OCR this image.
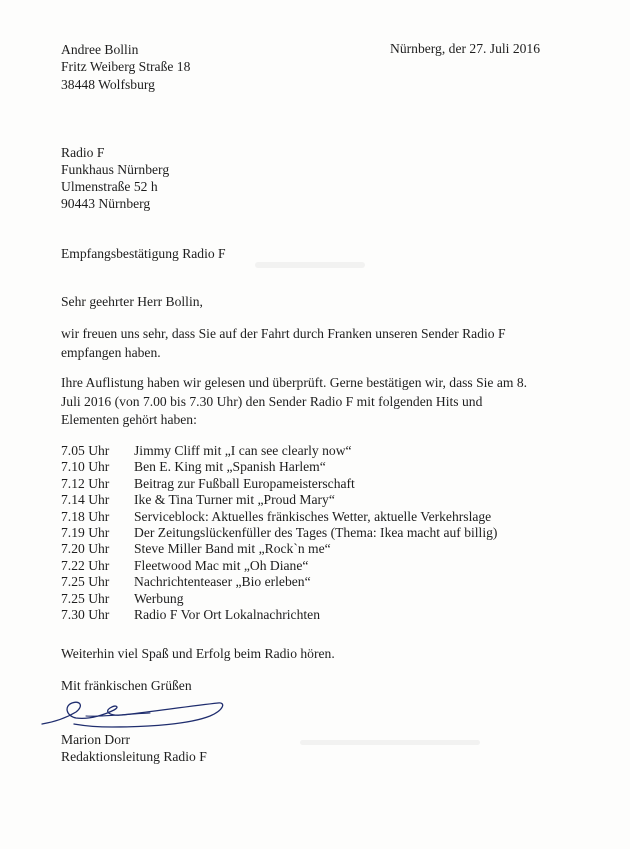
Andree Bollin
Fritz Weiberg Straße 18
38448 Wolfsburg
Nürnberg, der 27. Juli 2016
Radio F
Funkhaus Nürnberg
Ulmenstraße 52 h
90443 Nürnberg
Empfangsbestätigung Radio F
Sehr geehrter Herr Bollin,
wir freuen uns sehr, dass Sie auf der Fahrt durch Franken unseren Sender Radio F empfangen haben.
Ihre Auflistung haben wir gelesen und überprüft. Gerne bestätigen wir, dass Sie am 8. Juli 2016 (von 7.00 bis 7.30 Uhr) den Sender Radio F mit folgenden Hits und Elementen gehört haben:
7.05 Uhr Jimmy Cliff mit „I can see clearly now“
7.10 Uhr Ben E. King mit „Spanish Harlem“
7.12 Uhr Beitrag zur Fußball Europameisterschaft
7.14 Uhr Ike & Tina Turner mit „Proud Mary“
7.18 Uhr Serviceblock: Aktuelles fränkisches Wetter, aktuelle Verkehrslage
7.19 Uhr Der Zeitungslückenfüller des Tages (Thema: Ikea macht auf billig)
7.20 Uhr Steve Miller Band mit „Rock`n me“
7.22 Uhr Fleetwood Mac mit „Oh Diane“
7.25 Uhr Nachrichtenteaser „Bio erleben“
7.25 Uhr Werbung
7.30 Uhr Radio F Vor Ort Lokalnachrichten
Weiterhin viel Spaß und Erfolg beim Radio hören.
Mit fränkischen Grüßen
Marion Dorr
Redaktionsleitung Radio F
